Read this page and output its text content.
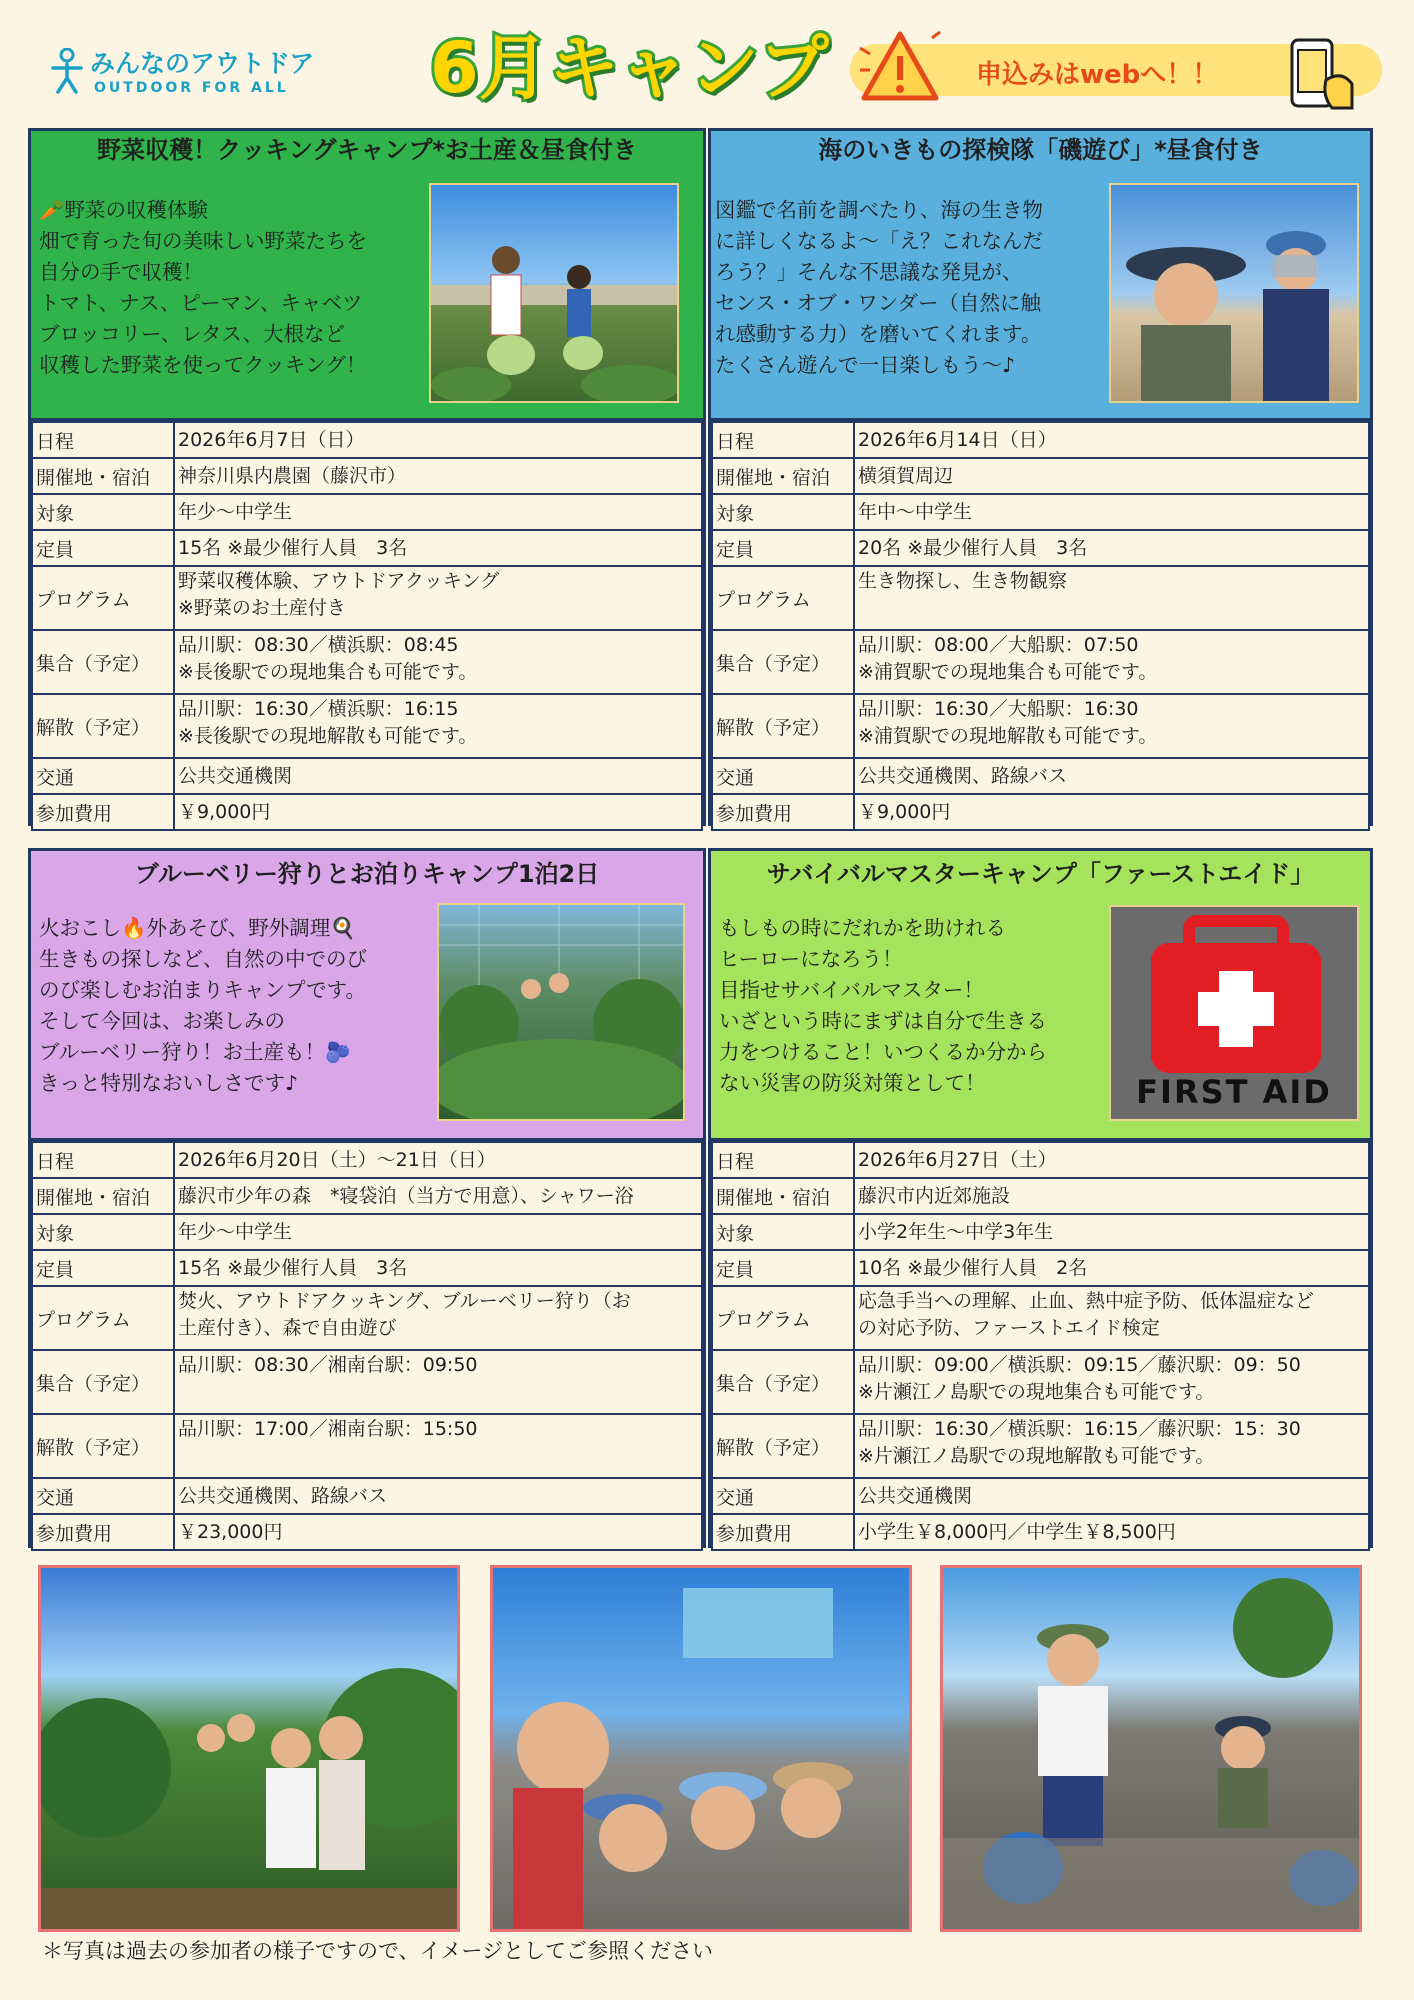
みんなのアウトドア
OUTDOOR FOR ALL 6月キャンプ	申込みはwebへ！！
野菜収穫！クッキングキャンプ*お土産＆昼食付き
🥕野菜の収穫体験
畑で育った旬の美味しい野菜たちを
自分の手で収穫！
トマト、ナス、ピーマン、キャベツ
ブロッコリー、レタス、大根など
収穫した野菜を使ってクッキング！
日程	2026年6月7日（日）

開催地・宿泊	神奈川県内農園（藤沢市）

対象	年少〜中学生

定員	15名 ※最少催行人員　3名

プログラム	野菜収穫体験、アウトドアクッキング
※野菜のお土産付き

集合（予定）	品川駅：08:30／横浜駅：08:45
※長後駅での現地集合も可能です。

解散（予定）	品川駅：16:30／横浜駅：16:15
※長後駅での現地解散も可能です。

交通	公共交通機関

参加費用	￥9,000円
海のいきもの探検隊「磯遊び」*昼食付き
図鑑で名前を調べたり、海の生き物
に詳しくなるよ〜「え？これなんだ
ろう？」そんな不思議な発見が、
センス・オブ・ワンダー（自然に触
れ感動する力）を磨いてくれます。
たくさん遊んで一日楽しもう〜♪
日程	2026年6月14日（日）

開催地・宿泊	横須賀周辺

対象	年中〜中学生

定員	20名 ※最少催行人員　3名

プログラム	生き物探し、生き物観察

集合（予定）	品川駅：08:00／大船駅：07:50
※浦賀駅での現地集合も可能です。

解散（予定）	品川駅：16:30／大船駅：16:30
※浦賀駅での現地解散も可能です。

交通	公共交通機関、路線バス

参加費用	￥9,000円
ブルーベリー狩りとお泊りキャンプ1泊2日
火おこし🔥外あそび、野外調理🍳
生きもの探しなど、自然の中でのび
のび楽しむお泊まりキャンプです。
そして今回は、お楽しみの
ブルーベリー狩り！お土産も！🫐
きっと特別なおいしさです♪
日程	2026年6月20日（土）〜21日（日）

開催地・宿泊	藤沢市少年の森　*寝袋泊（当方で用意）、シャワー浴

対象	年少〜中学生

定員	15名 ※最少催行人員　3名

プログラム	焚火、アウトドアクッキング、ブルーベリー狩り（お
土産付き）、森で自由遊び

集合（予定）	品川駅：08:30／湘南台駅：09:50

解散（予定）	品川駅：17:00／湘南台駅：15:50

交通	公共交通機関、路線バス

参加費用	￥23,000円
サバイバルマスターキャンプ「ファーストエイド」
もしもの時にだれかを助けれる
ヒーローになろう！
目指せサバイバルマスター！
いざという時にまずは自分で生きる
力をつけること！いつくるか分から
ない災害の防災対策として！	FIRST AID
日程	2026年6月27日（土）

開催地・宿泊	藤沢市内近郊施設

対象	小学2年生〜中学3年生

定員	10名 ※最少催行人員　2名

プログラム	応急手当への理解、止血、熱中症予防、低体温症など
の対応予防、ファーストエイド検定

集合（予定）	品川駅：09:00／横浜駅：09:15／藤沢駅：09：50
※片瀬江ノ島駅での現地集合も可能です。

解散（予定）	品川駅：16:30／横浜駅：16:15／藤沢駅：15：30
※片瀬江ノ島駅での現地解散も可能です。

交通	公共交通機関

参加費用	小学生￥8,000円／中学生￥8,500円
＊写真は過去の参加者の様子ですので、イメージとしてご参照ください
